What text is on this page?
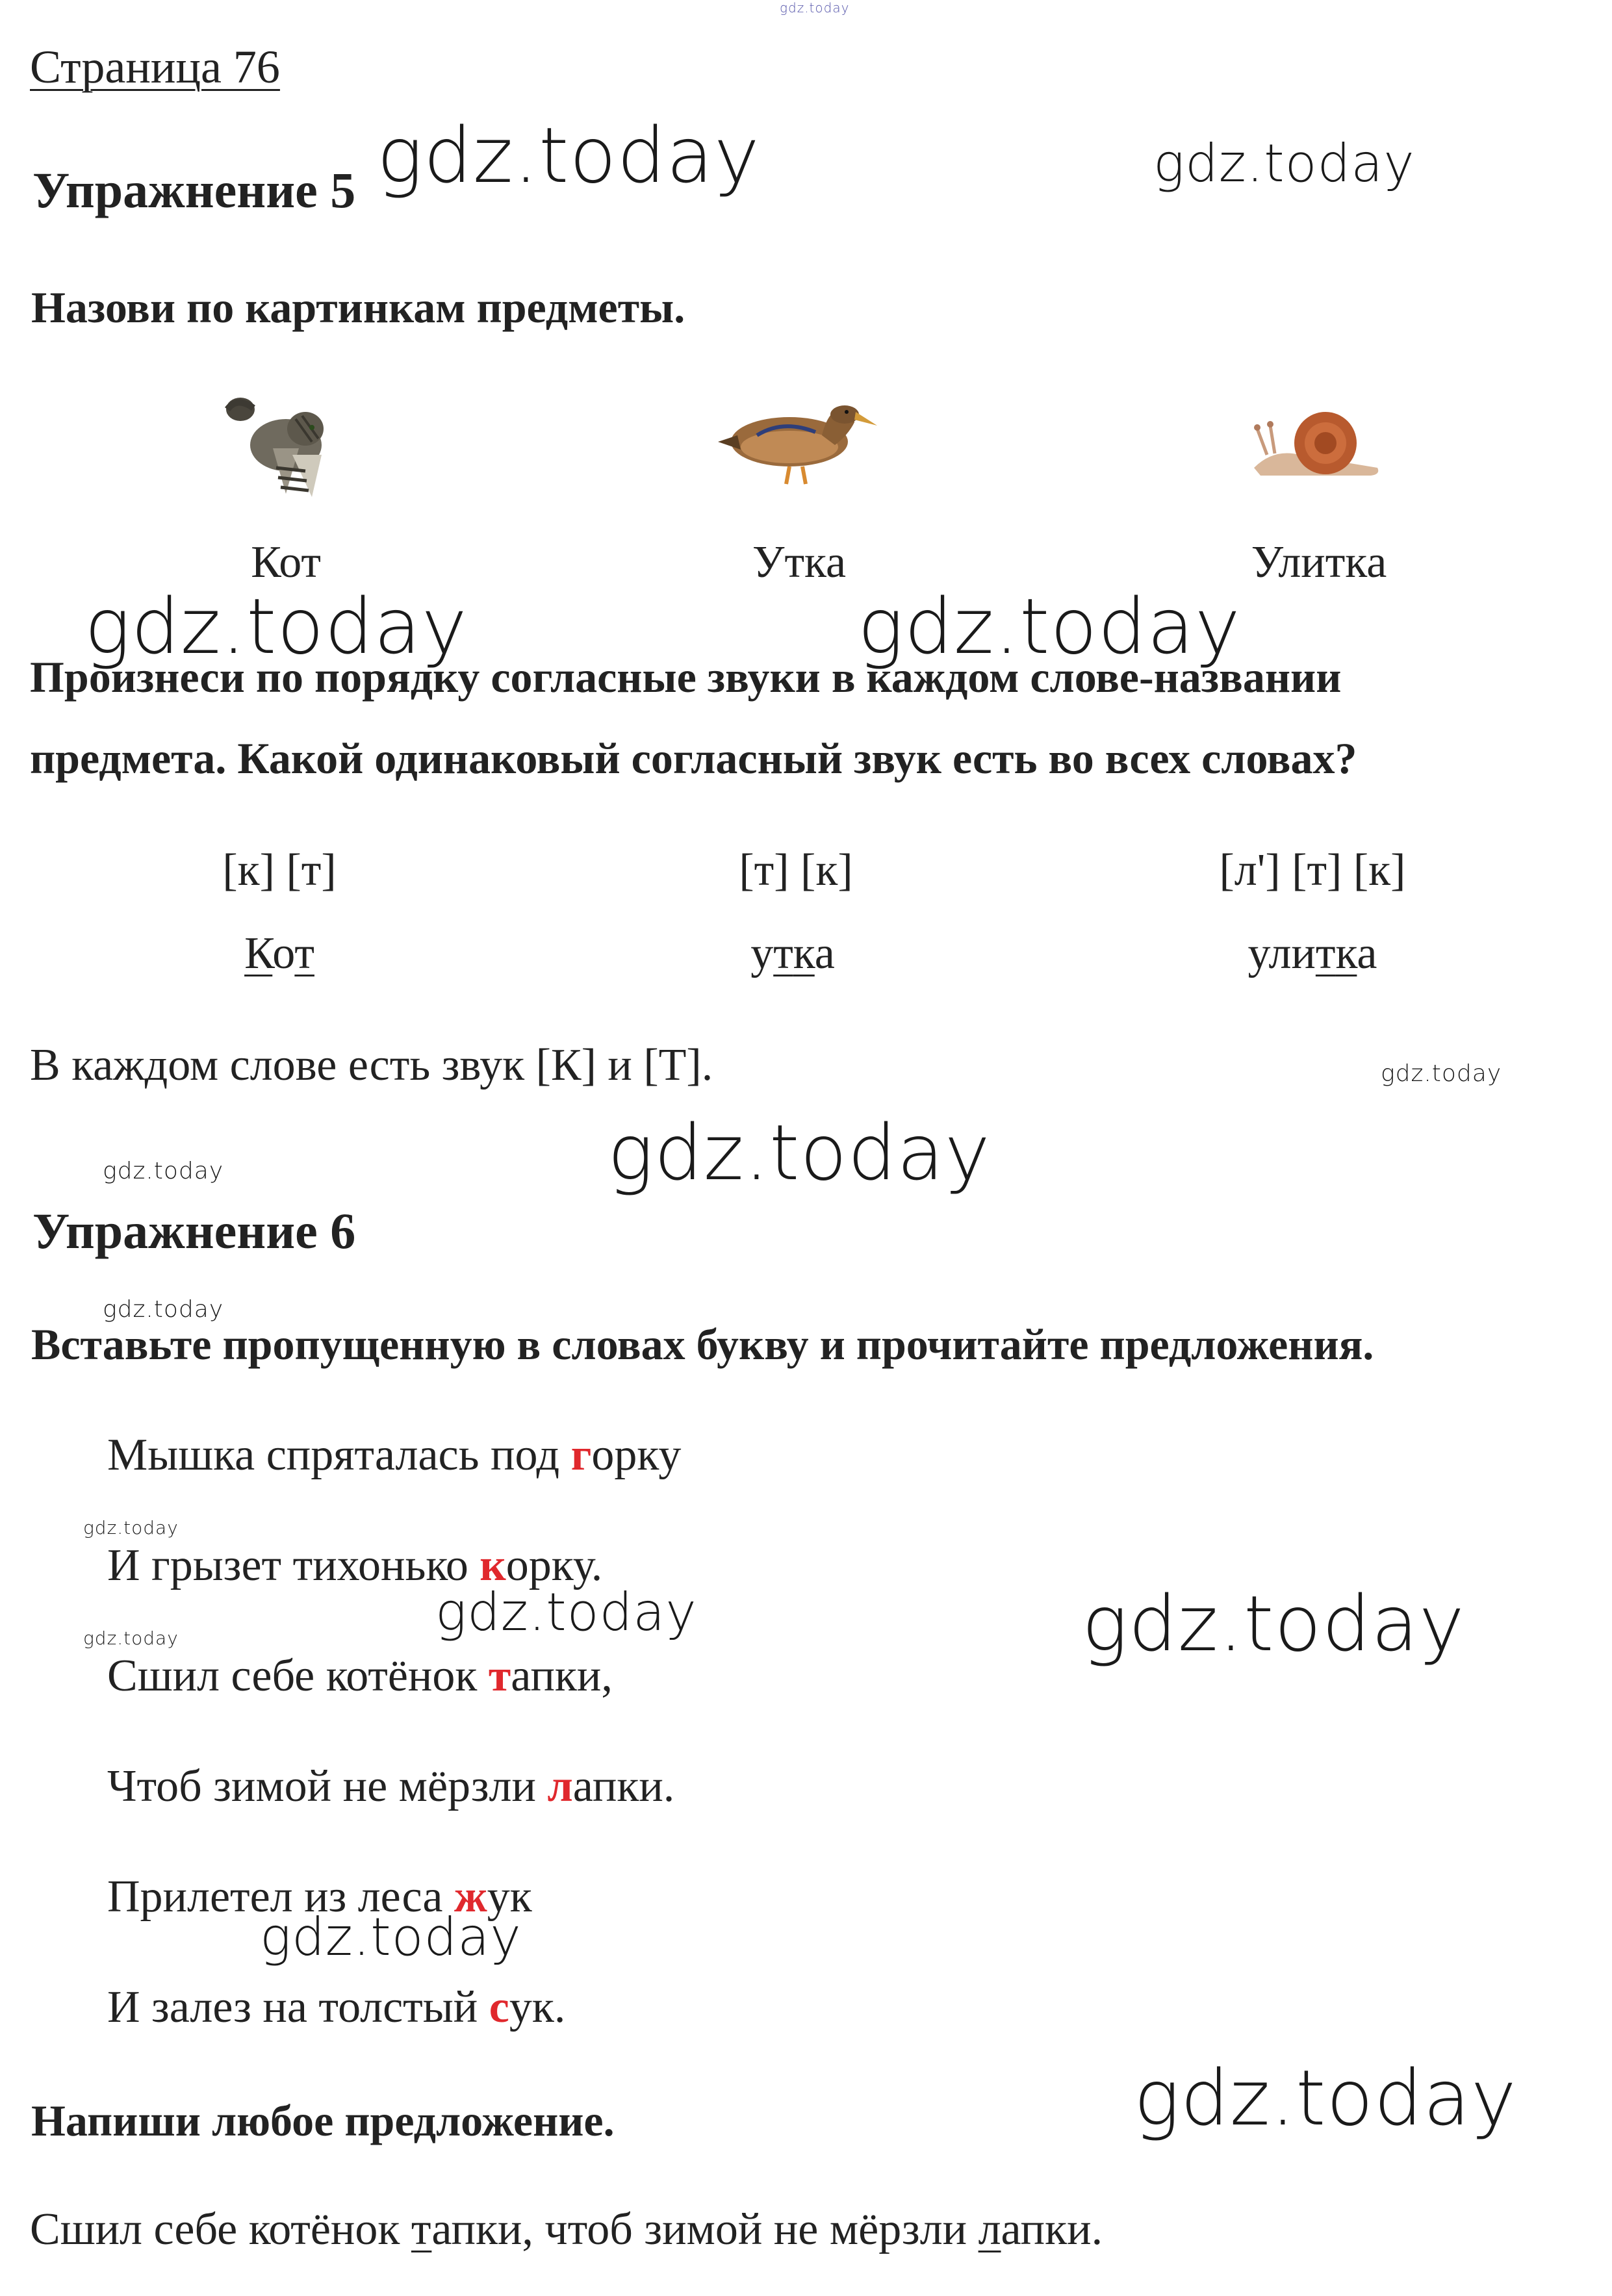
gdz.today
Страница 76
Упражнение 5
Назови по картинкам предметы.
Кот	Утка	Улитка
Произнеси по порядку согласные звуки в каждом слове-названии
предмета. Какой одинаковый согласный звук есть во всех словах?
[к] [т]	[т] [к]	[л'] [т] [к]
Кот	утка	улитка
В каждом слове есть звук [К] и [Т].
Упражнение 6
Вставьте пропущенную в словах букву и прочитайте предложения.
Мышка спряталась под горку
И грызет тихонько корку.
Сшил себе котёнок тапки,
Чтоб зимой не мёрзли лапки.
Прилетел из леса жук
И залез на толстый сук.
Напиши любое предложение.
Сшил себе котёнок тапки, чтоб зимой не мёрзли лапки.
gdz.today	gdz.today
gdz.today	gdz.today
gdz.today
gdz.today
gdz.today
gdz.today
gdz.today
gdz.today	gdz.today	gdz.today
gdz.today
gdz.today
